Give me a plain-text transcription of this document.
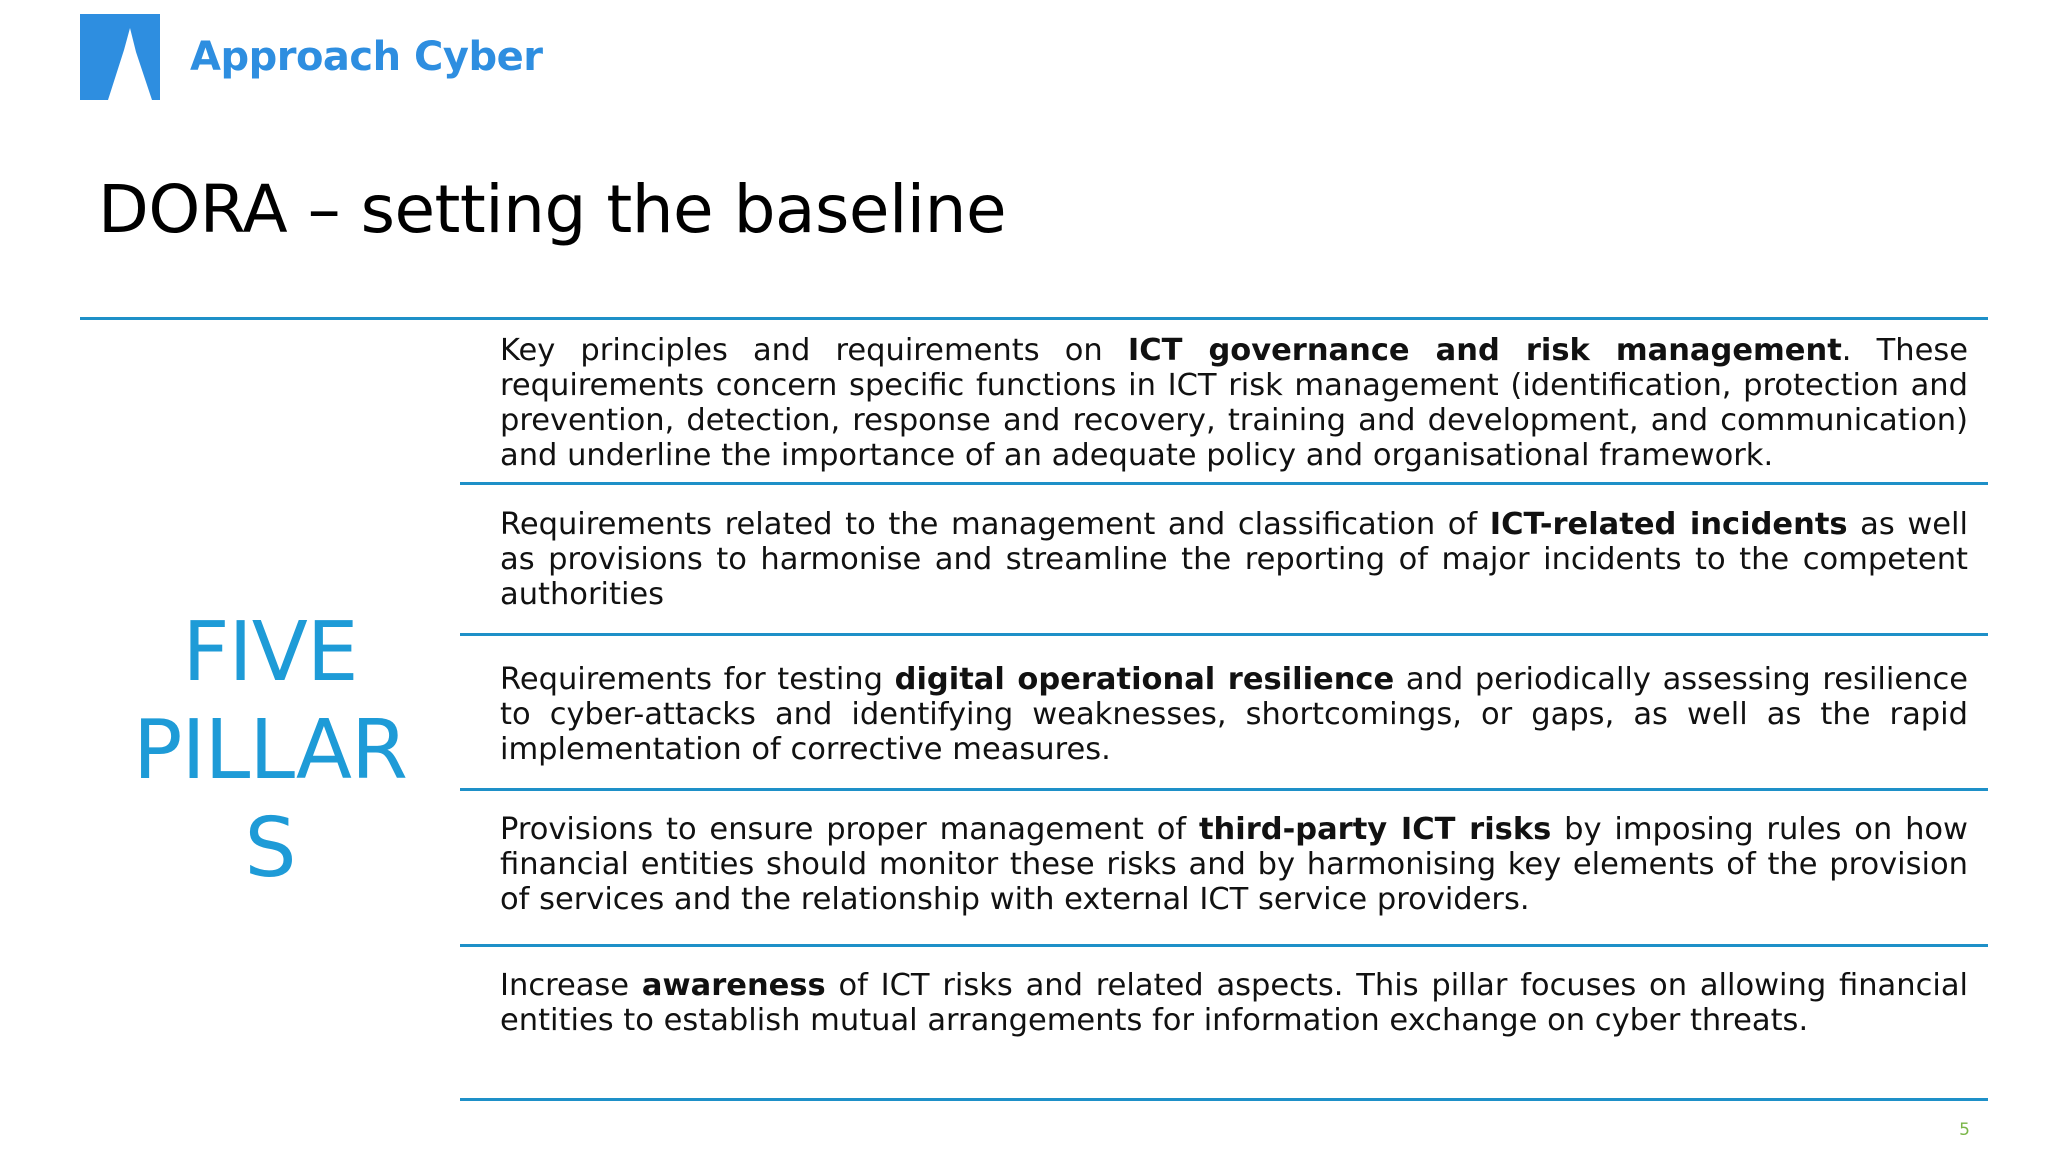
Approach Cyber
DORA – setting the baseline
FIVE
PILLAR
S

Key principles and requirements on ICT governance and risk management. These requirements concern specific functions in ICT risk management (identification, protection and prevention, detection, response and recovery, training and development, and communication) and underline the importance of an adequate policy and organisational framework.

Requirements related to the management and classification of ICT-related incidents as well as provisions to harmonise and streamline the reporting of major incidents to the competent authorities

Requirements for testing digital operational resilience and periodically assessing resilience to cyber-attacks and identifying weaknesses, shortcomings, or gaps, as well as the rapid implementation of corrective measures.

Provisions to ensure proper management of third-party ICT risks by imposing rules on how financial entities should monitor these risks and by harmonising key elements of the provision of services and the relationship with external ICT service providers.

Increase awareness of ICT risks and related aspects. This pillar focuses on allowing financial entities to establish mutual arrangements for information exchange on cyber threats.

5
